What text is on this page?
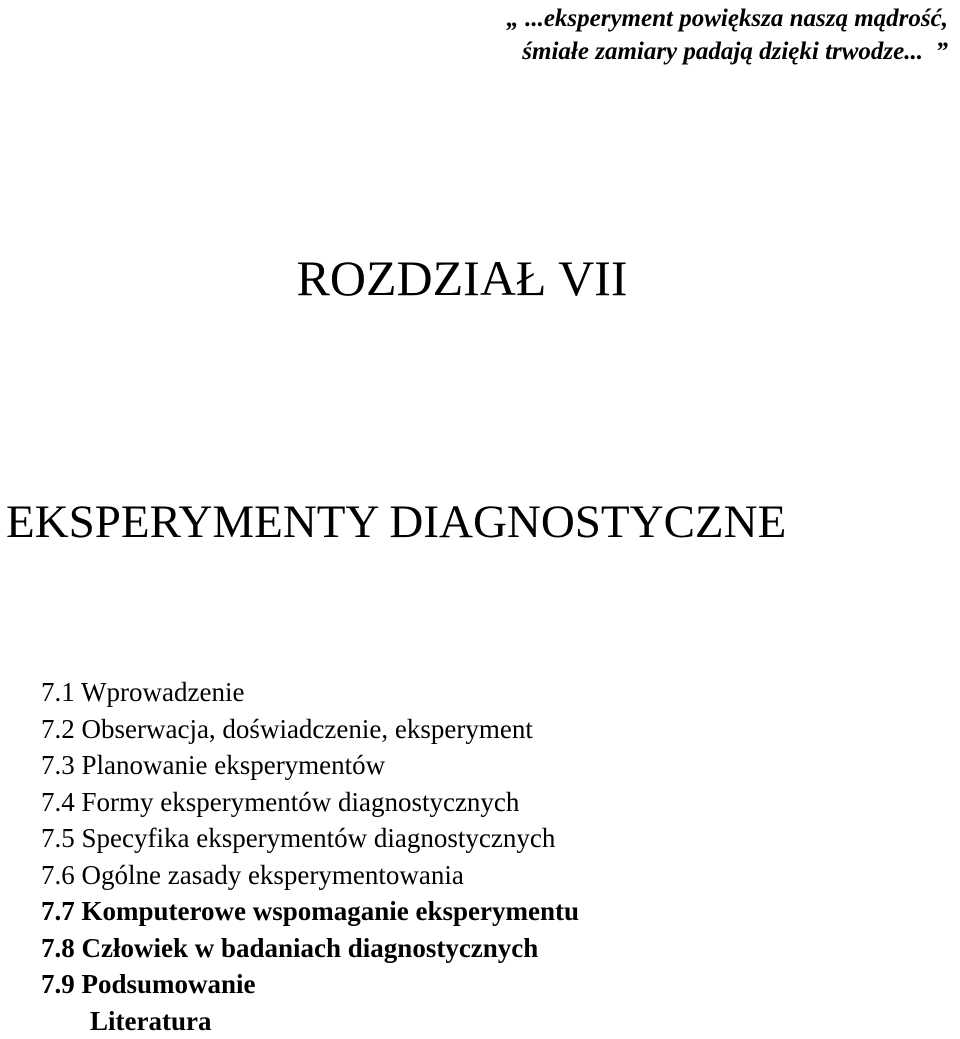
„ ...eksperyment powiększa naszą mądrość,
śmiałe zamiary padają dzięki trwodze... ”
ROZDZIAŁ VII
EKSPERYMENTY DIAGNOSTYCZNE
7.1 Wprowadzenie
7.2 Obserwacja, doświadczenie, eksperyment
7.3 Planowanie eksperymentów
7.4 Formy eksperymentów diagnostycznych
7.5 Specyfika eksperymentów diagnostycznych
7.6 Ogólne zasady eksperymentowania
7.7 Komputerowe wspomaganie eksperymentu
7.8 Człowiek w badaniach diagnostycznych
7.9 Podsumowanie
Literatura
